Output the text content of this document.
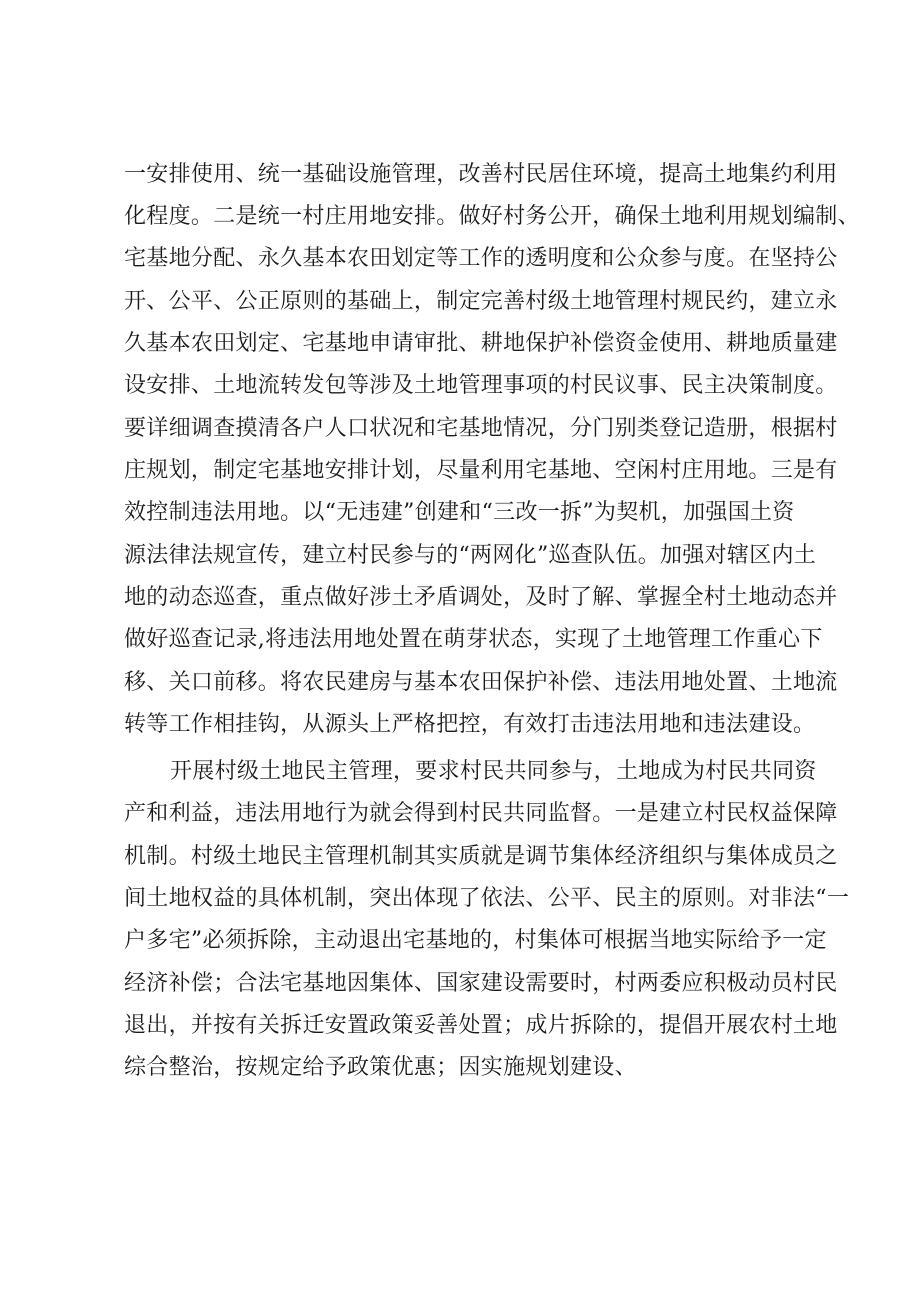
一安排使用、统一基础设施管理，改善村民居住环境，提高土地集约利用
化程度。二是统一村庄用地安排。做好村务公开，确保土地利用规划编制、
宅基地分配、永久基本农田划定等工作的透明度和公众参与度。在坚持公
开、公平、公正原则的基础上，制定完善村级土地管理村规民约，建立永
久基本农田划定、宅基地申请审批、耕地保护补偿资金使用、耕地质量建
设安排、土地流转发包等涉及土地管理事项的村民议事、民主决策制度。
要详细调查摸清各户人口状况和宅基地情况，分门别类登记造册，根据村
庄规划，制定宅基地安排计划，尽量利用宅基地、空闲村庄用地。三是有
效控制违法用地。以“无违建”创建和“三改一拆”为契机，加强国土资
源法律法规宣传，建立村民参与的“两网化”巡查队伍。加强对辖区内土
地的动态巡查，重点做好涉土矛盾调处，及时了解、掌握全村土地动态并
做好巡查记录,将违法用地处置在萌芽状态，实现了土地管理工作重心下
移、关口前移。将农民建房与基本农田保护补偿、违法用地处置、土地流
转等工作相挂钩，从源头上严格把控，有效打击违法用地和违法建设。
开展村级土地民主管理，要求村民共同参与，土地成为村民共同资
产和利益，违法用地行为就会得到村民共同监督。一是建立村民权益保障
机制。村级土地民主管理机制其实质就是调节集体经济组织与集体成员之
间土地权益的具体机制，突出体现了依法、公平、民主的原则。对非法“一
户多宅”必须拆除，主动退出宅基地的，村集体可根据当地实际给予一定
经济补偿；合法宅基地因集体、国家建设需要时，村两委应积极动员村民
退出，并按有关拆迁安置政策妥善处置；成片拆除的，提倡开展农村土地
综合整治，按规定给予政策优惠；因实施规划建设、
